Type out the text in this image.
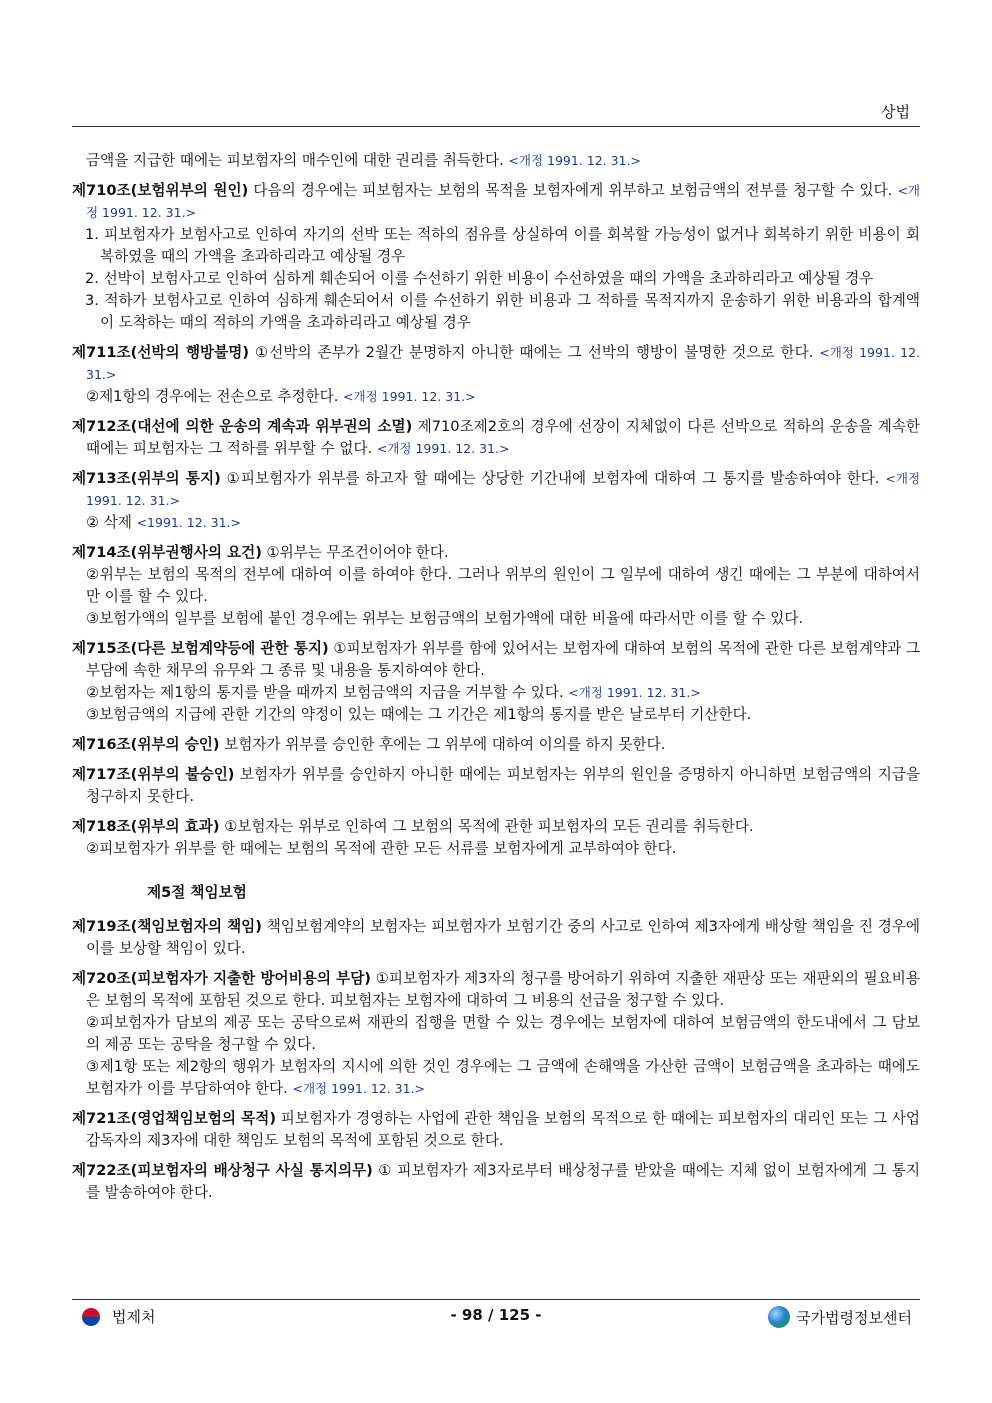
상법

금액을 지급한 때에는 피보험자의 매수인에 대한 권리를 취득한다. <개정 1991. 12. 31.>

제710조(보험위부의 원인) 다음의 경우에는 피보험자는 보험의 목적을 보험자에게 위부하고 보험금액의 전부를 청구할 수 있다. <개정 1991. 12. 31.>
1. 피보험자가 보험사고로 인하여 자기의 선박 또는 적하의 점유를 상실하여 이를 회복할 가능성이 없거나 회복하기 위한 비용이 회복하였을 때의 가액을 초과하리라고 예상될 경우
2. 선박이 보험사고로 인하여 심하게 훼손되어 이를 수선하기 위한 비용이 수선하였을 때의 가액을 초과하리라고 예상될 경우
3. 적하가 보험사고로 인하여 심하게 훼손되어서 이를 수선하기 위한 비용과 그 적하를 목적지까지 운송하기 위한 비용과의 합계액이 도착하는 때의 적하의 가액을 초과하리라고 예상될 경우
제711조(선박의 행방불명) ①선박의 존부가 2월간 분명하지 아니한 때에는 그 선박의 행방이 불명한 것으로 한다. <개정 1991. 12. 31.>
②제1항의 경우에는 전손으로 추정한다. <개정 1991. 12. 31.>
제712조(대선에 의한 운송의 계속과 위부권의 소멸) 제710조제2호의 경우에 선장이 지체없이 다른 선박으로 적하의 운송을 계속한 때에는 피보험자는 그 적하를 위부할 수 없다. <개정 1991. 12. 31.>
제713조(위부의 통지) ①피보험자가 위부를 하고자 할 때에는 상당한 기간내에 보험자에 대하여 그 통지를 발송하여야 한다. <개정 1991. 12. 31.>
② 삭제 <1991. 12. 31.>
제714조(위부권행사의 요건) ①위부는 무조건이어야 한다.
②위부는 보험의 목적의 전부에 대하여 이를 하여야 한다. 그러나 위부의 원인이 그 일부에 대하여 생긴 때에는 그 부분에 대하여서만 이를 할 수 있다.
③보험가액의 일부를 보험에 붙인 경우에는 위부는 보험금액의 보험가액에 대한 비율에 따라서만 이를 할 수 있다.
제715조(다른 보험계약등에 관한 통지) ①피보험자가 위부를 함에 있어서는 보험자에 대하여 보험의 목적에 관한 다른 보험계약과 그 부담에 속한 채무의 유무와 그 종류 및 내용을 통지하여야 한다.
②보험자는 제1항의 통지를 받을 때까지 보험금액의 지급을 거부할 수 있다. <개정 1991. 12. 31.>
③보험금액의 지급에 관한 기간의 약정이 있는 때에는 그 기간은 제1항의 통지를 받은 날로부터 기산한다.
제716조(위부의 승인) 보험자가 위부를 승인한 후에는 그 위부에 대하여 이의를 하지 못한다.
제717조(위부의 불승인) 보험자가 위부를 승인하지 아니한 때에는 피보험자는 위부의 원인을 증명하지 아니하면 보험금액의 지급을 청구하지 못한다.
제718조(위부의 효과) ①보험자는 위부로 인하여 그 보험의 목적에 관한 피보험자의 모든 권리를 취득한다.
②피보험자가 위부를 한 때에는 보험의 목적에 관한 모든 서류를 보험자에게 교부하여야 한다.
제5절 책임보험
제719조(책임보험자의 책임) 책임보험계약의 보험자는 피보험자가 보험기간 중의 사고로 인하여 제3자에게 배상할 책임을 진 경우에 이를 보상할 책임이 있다.
제720조(피보험자가 지출한 방어비용의 부담) ①피보험자가 제3자의 청구를 방어하기 위하여 지출한 재판상 또는 재판외의 필요비용은 보험의 목적에 포함된 것으로 한다. 피보험자는 보험자에 대하여 그 비용의 선급을 청구할 수 있다.
②피보험자가 담보의 제공 또는 공탁으로써 재판의 집행을 면할 수 있는 경우에는 보험자에 대하여 보험금액의 한도내에서 그 담보의 제공 또는 공탁을 청구할 수 있다.
③제1항 또는 제2항의 행위가 보험자의 지시에 의한 것인 경우에는 그 금액에 손해액을 가산한 금액이 보험금액을 초과하는 때에도 보험자가 이를 부담하여야 한다. <개정 1991. 12. 31.>
제721조(영업책임보험의 목적) 피보험자가 경영하는 사업에 관한 책임을 보험의 목적으로 한 때에는 피보험자의 대리인 또는 그 사업감독자의 제3자에 대한 책임도 보험의 목적에 포함된 것으로 한다.
제722조(피보험자의 배상청구 사실 통지의무) ① 피보험자가 제3자로부터 배상청구를 받았을 때에는 지체 없이 보험자에게 그 통지를 발송하여야 한다.
법제처	- 98 / 125 -	국가법령정보센터
